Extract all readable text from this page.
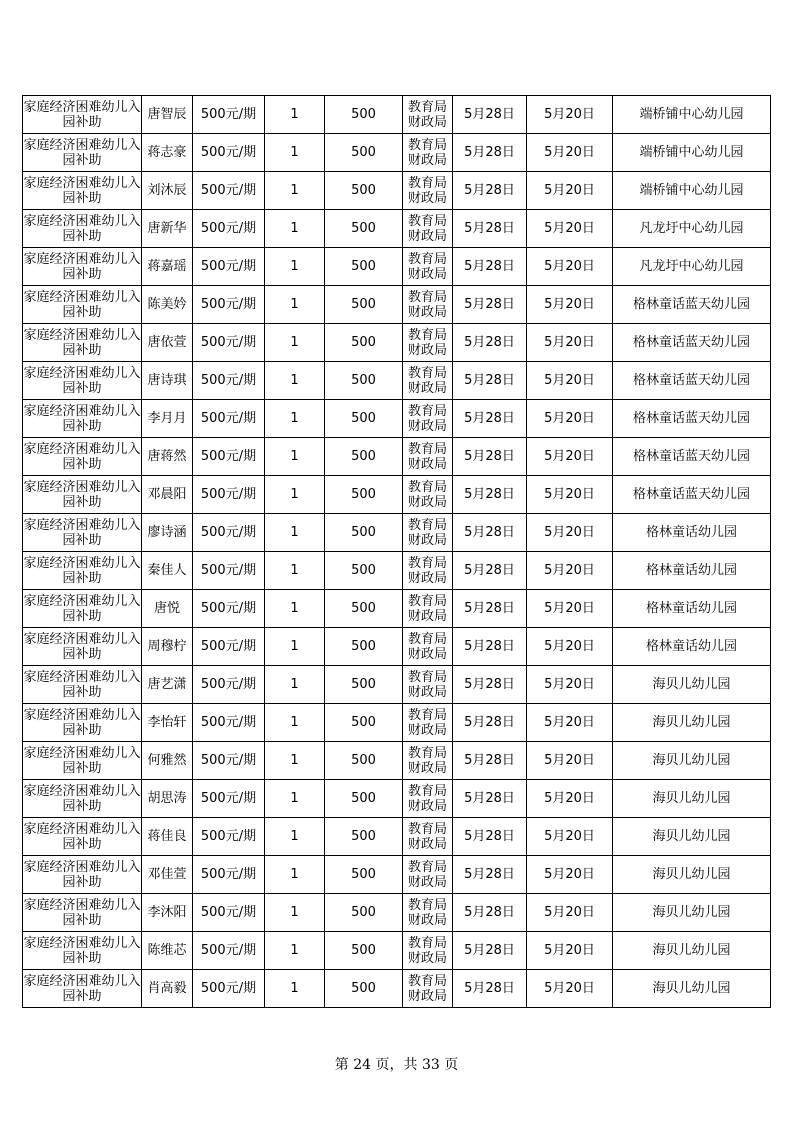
家庭经济困难幼儿入园补助	唐智辰	500元/期	1	500	教育局财政局	5月28日	5月20日	端桥铺中心幼儿园
家庭经济困难幼儿入园补助	蒋志豪	500元/期	1	500	教育局财政局	5月28日	5月20日	端桥铺中心幼儿园
家庭经济困难幼儿入园补助	刘沐辰	500元/期	1	500	教育局财政局	5月28日	5月20日	端桥铺中心幼儿园
家庭经济困难幼儿入园补助	唐新华	500元/期	1	500	教育局财政局	5月28日	5月20日	凡龙圩中心幼儿园
家庭经济困难幼儿入园补助	蒋嘉瑶	500元/期	1	500	教育局财政局	5月28日	5月20日	凡龙圩中心幼儿园
家庭经济困难幼儿入园补助	陈美妗	500元/期	1	500	教育局财政局	5月28日	5月20日	格林童话蓝天幼儿园
家庭经济困难幼儿入园补助	唐依萱	500元/期	1	500	教育局财政局	5月28日	5月20日	格林童话蓝天幼儿园
家庭经济困难幼儿入园补助	唐诗琪	500元/期	1	500	教育局财政局	5月28日	5月20日	格林童话蓝天幼儿园
家庭经济困难幼儿入园补助	李月月	500元/期	1	500	教育局财政局	5月28日	5月20日	格林童话蓝天幼儿园
家庭经济困难幼儿入园补助	唐蒋然	500元/期	1	500	教育局财政局	5月28日	5月20日	格林童话蓝天幼儿园
家庭经济困难幼儿入园补助	邓晨阳	500元/期	1	500	教育局财政局	5月28日	5月20日	格林童话蓝天幼儿园
家庭经济困难幼儿入园补助	廖诗涵	500元/期	1	500	教育局财政局	5月28日	5月20日	格林童话幼儿园
家庭经济困难幼儿入园补助	秦佳人	500元/期	1	500	教育局财政局	5月28日	5月20日	格林童话幼儿园
家庭经济困难幼儿入园补助	唐悦	500元/期	1	500	教育局财政局	5月28日	5月20日	格林童话幼儿园
家庭经济困难幼儿入园补助	周穆柠	500元/期	1	500	教育局财政局	5月28日	5月20日	格林童话幼儿园
家庭经济困难幼儿入园补助	唐艺潇	500元/期	1	500	教育局财政局	5月28日	5月20日	海贝儿幼儿园
家庭经济困难幼儿入园补助	李怡轩	500元/期	1	500	教育局财政局	5月28日	5月20日	海贝儿幼儿园
家庭经济困难幼儿入园补助	何雅然	500元/期	1	500	教育局财政局	5月28日	5月20日	海贝儿幼儿园
家庭经济困难幼儿入园补助	胡思涛	500元/期	1	500	教育局财政局	5月28日	5月20日	海贝儿幼儿园
家庭经济困难幼儿入园补助	蒋佳良	500元/期	1	500	教育局财政局	5月28日	5月20日	海贝儿幼儿园
家庭经济困难幼儿入园补助	邓佳萱	500元/期	1	500	教育局财政局	5月28日	5月20日	海贝儿幼儿园
家庭经济困难幼儿入园补助	李沐阳	500元/期	1	500	教育局财政局	5月28日	5月20日	海贝儿幼儿园
家庭经济困难幼儿入园补助	陈维芯	500元/期	1	500	教育局财政局	5月28日	5月20日	海贝儿幼儿园
家庭经济困难幼儿入园补助	肖高毅	500元/期	1	500	教育局财政局	5月28日	5月20日	海贝儿幼儿园
第 24 页，共 33 页
